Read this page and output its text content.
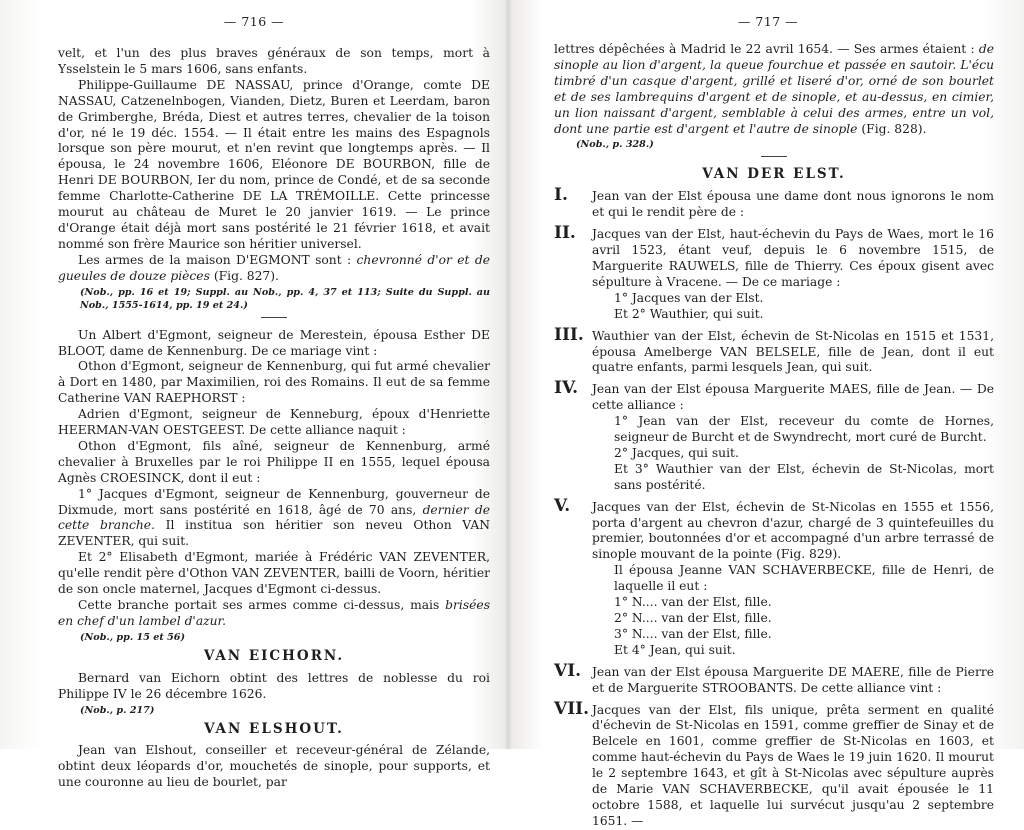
— 716 —

velt, et l'un des plus braves généraux de son temps, mort à Ysselstein le 5 mars 1606, sans enfants.

Philippe-Guillaume DE NASSAU, prince d'Orange, comte DE NASSAU, Catzenelnbogen, Vianden, Dietz, Buren et Leerdam, baron de Grimberghe, Bréda, Diest et autres terres, chevalier de la toison d'or, né le 19 déc. 1554. — Il était entre les mains des Espagnols lorsque son père mourut, et n'en revint que longtemps après. — Il épousa, le 24 novembre 1606, Eléonore DE BOURBON, fille de Henri DE BOURBON, Ier du nom, prince de Condé, et de sa seconde femme Charlotte-Catherine DE LA TRÉMOILLE. Cette princesse mourut au château de Muret le 20 janvier 1619. — Le prince d'Orange était déjà mort sans postérité le 21 février 1618, et avait nommé son frère Maurice son héritier universel.

Les armes de la maison D'EGMONT sont : chevronné d'or et de gueules de douze pièces (Fig. 827).

(Nob., pp. 16 et 19; Suppl. au Nob., pp. 4, 37 et 113; Suite du Suppl. au Nob., 1555-1614, pp. 19 et 24.)

Un Albert d'Egmont, seigneur de Merestein, épousa Esther DE BLOOT, dame de Kennenburg. De ce mariage vint :

Othon d'Egmont, seigneur de Kennenburg, qui fut armé chevalier à Dort en 1480, par Maximilien, roi des Romains. Il eut de sa femme Catherine VAN RAEPHORST :

Adrien d'Egmont, seigneur de Kenneburg, époux d'Henriette HEERMAN-VAN OESTGEEST. De cette alliance naquit :

Othon d'Egmont, fils aîné, seigneur de Kennenburg, armé chevalier à Bruxelles par le roi Philippe II en 1555, lequel épousa Agnès CROESINCK, dont il eut :

1° Jacques d'Egmont, seigneur de Kennenburg, gouverneur de Dixmude, mort sans postérité en 1618, âgé de 70 ans, dernier de cette branche. Il institua son héritier son neveu Othon VAN ZEVENTER, qui suit.

Et 2° Elisabeth d'Egmont, mariée à Frédéric VAN ZEVENTER, qu'elle rendit père d'Othon VAN ZEVENTER, bailli de Voorn, héritier de son oncle maternel, Jacques d'Egmont ci-dessus.

Cette branche portait ses armes comme ci-dessus, mais brisées en chef d'un lambel d'azur.

(Nob., pp. 15 et 56)

VAN EICHORN.

Bernard van Eichorn obtint des lettres de noblesse du roi Philippe IV le 26 décembre 1626.

(Nob., p. 217)

VAN ELSHOUT.

Jean van Elshout, conseiller et receveur-général de Zélande, obtint deux léopards d'or, mouchetés de sinople, pour supports, et une couronne au lieu de bourlet, par

— 717 —

lettres dépêchées à Madrid le 22 avril 1654. — Ses armes étaient : de sinople au lion d'argent, la queue fourchue et passée en sautoir. L'écu timbré d'un casque d'argent, grillé et liseré d'or, orné de son bourlet et de ses lambrequins d'argent et de sinople, et au-dessus, en cimier, un lion naissant d'argent, semblable à celui des armes, entre un vol, dont une partie est d'argent et l'autre de sinople (Fig. 828).

(Nob., p. 328.)

VAN DER ELST.
I. Jean van der Elst épousa une dame dont nous ignorons le nom et qui le rendit père de :

II. Jacques van der Elst, haut-échevin du Pays de Waes, mort le 16 avril 1523, étant veuf, depuis le 6 novembre 1515, de Marguerite RAUWELS, fille de Thierry. Ces époux gisent avec sépulture à Vracene. — De ce mariage :

1° Jacques van der Elst.

Et 2° Wauthier, qui suit.

III. Wauthier van der Elst, échevin de St-Nicolas en 1515 et 1531, épousa Amelberge VAN BELSELE, fille de Jean, dont il eut quatre enfants, parmi lesquels Jean, qui suit.

IV. Jean van der Elst épousa Marguerite MAES, fille de Jean. — De cette alliance :

1° Jean van der Elst, receveur du comte de Hornes, seigneur de Burcht et de Swyndrecht, mort curé de Burcht.

2° Jacques, qui suit.

Et 3° Wauthier van der Elst, échevin de St-Nicolas, mort sans postérité.

V. Jacques van der Elst, échevin de St-Nicolas en 1555 et 1556, porta d'argent au chevron d'azur, chargé de 3 quintefeuilles du premier, boutonnées d'or et accompagné d'un arbre terrassé de sinople mouvant de la pointe (Fig. 829).

Il épousa Jeanne VAN SCHAVERBECKE, fille de Henri, de laquelle il eut :

1° N.... van der Elst, fille.

2° N.... van der Elst, fille.

3° N.... van der Elst, fille.

Et 4° Jean, qui suit.

VI. Jean van der Elst épousa Marguerite DE MAERE, fille de Pierre et de Marguerite STROOBANTS. De cette alliance vint :

VII. Jacques van der Elst, fils unique, prêta serment en qualité d'échevin de St-Nicolas en 1591, comme greffier de Sinay et de Belcele en 1601, comme greffier de St-Nicolas en 1603, et comme haut-échevin du Pays de Waes le 19 juin 1620. Il mourut le 2 septembre 1643, et gît à St-Nicolas avec sépulture auprès de Marie VAN SCHAVERBECKE, qu'il avait épousée le 11 octobre 1588, et laquelle lui survécut jusqu'au 2 septembre 1651. —
